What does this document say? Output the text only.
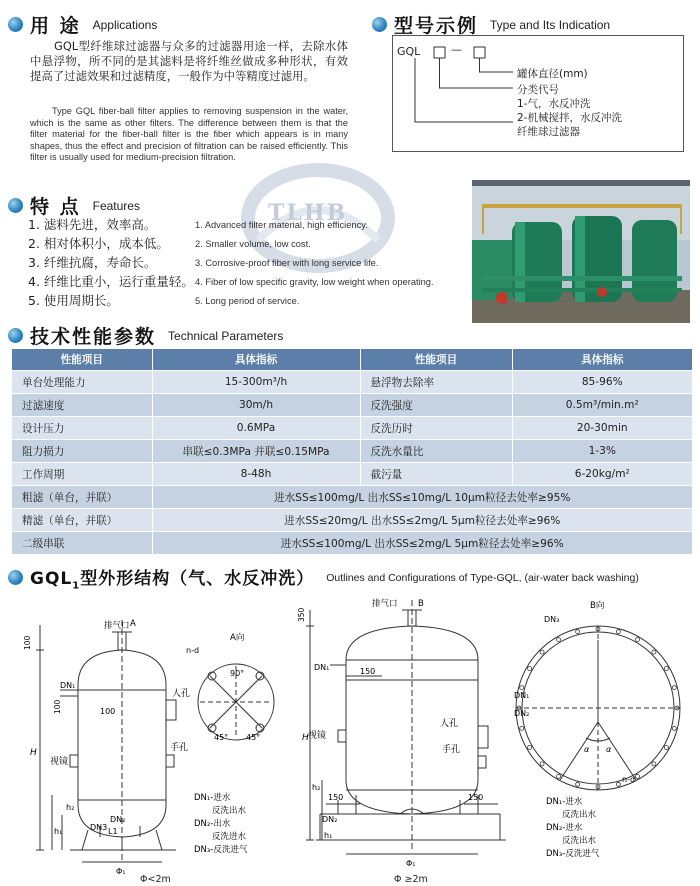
用 途 Applications
GQL型纤维球过滤器与众多的过滤器用途一样，去除水体中悬浮物，所不同的是其滤料是将纤维丝做成多种形状，有效提高了过滤效果和过滤精度，一般作为中等精度过滤用。
Type GQL fiber-ball filter applies to removing suspension in the water, which is the same as other filters. The difference between them is that the filter material for the fiber-ball filter is the fiber which appears is in many shapes, thus the effect and precision of filtration can be raised efficiently. This filter is usually used for medium-precision filtration.
型号示例 Type and Its Indication
GQL	—
罐体直径(mm)
分类代号
1-气，水反冲洗
2-机械搅拌，水反冲洗
纤维球过滤器
TLHB
特 点 Features
1. 滤料先进，效率高。
2. 相对体积小，成本低。
3. 纤维抗腐，寿命长。
4. 纤维比重小，运行重量轻。
5. 使用周期长。
1. Advanced filter material, high efficiency.
2. Smaller volume, low cost.
3. Corrosive-proof fiber with long service life.
4. Fiber of low specific gravity, low weight when operating.
5. Long period of service.
技术性能参数 Technical Parameters
性能项目	具体指标	性能项目	具体指标
单台处理能力	15-300m³/h	悬浮物去除率	85-96%
过滤速度	30m/h	反洗强度	0.5m³/min.m²
设计压力	0.6MPa	反洗历时	20-30min
阻力损力	串联≤0.3MPa 并联≤0.15MPa	反洗水量比	1-3%
工作周期	8-48h	截污量	6-20kg/m²
粗滤（单台，并联）	进水SS≤100mg/L 出水SS≤10mg/L 10μm粒径去处率≥95%		
精滤（单台，并联）	进水SS≤20mg/L 出水SS≤2mg/L 5μm粒径去处率≥96%		
二级串联	进水SS≤100mg/L 出水SS≤2mg/L 5μm粒径去处率≥96%		
$GQL_1$型外形结构（气、水反冲洗） Outlines and Configurations of Type-GQL, (air-water back washing)
排气口 A
A向
n-d
90°
45° 45°
100
100
100
DN₁
DN₂
DN3
人孔
手孔
视镜
H
h₁
h₂
L1
Φ₁
DN₁-进水
反洗出水
DN₂-出水
反洗进水
DN₃-反洗进气
Φ<2m
排气口 B	B向
350
150
150	150
DN₁
DN₂
DN₃
DN₁
DN₂
人孔
手孔
视镜
H
h₁
h₂
α α
n-d
Φ₁
DN₁-进水
反洗出水
DN₂-进水
反洗出水
DN₃-反洗进气
Φ ≥2m
